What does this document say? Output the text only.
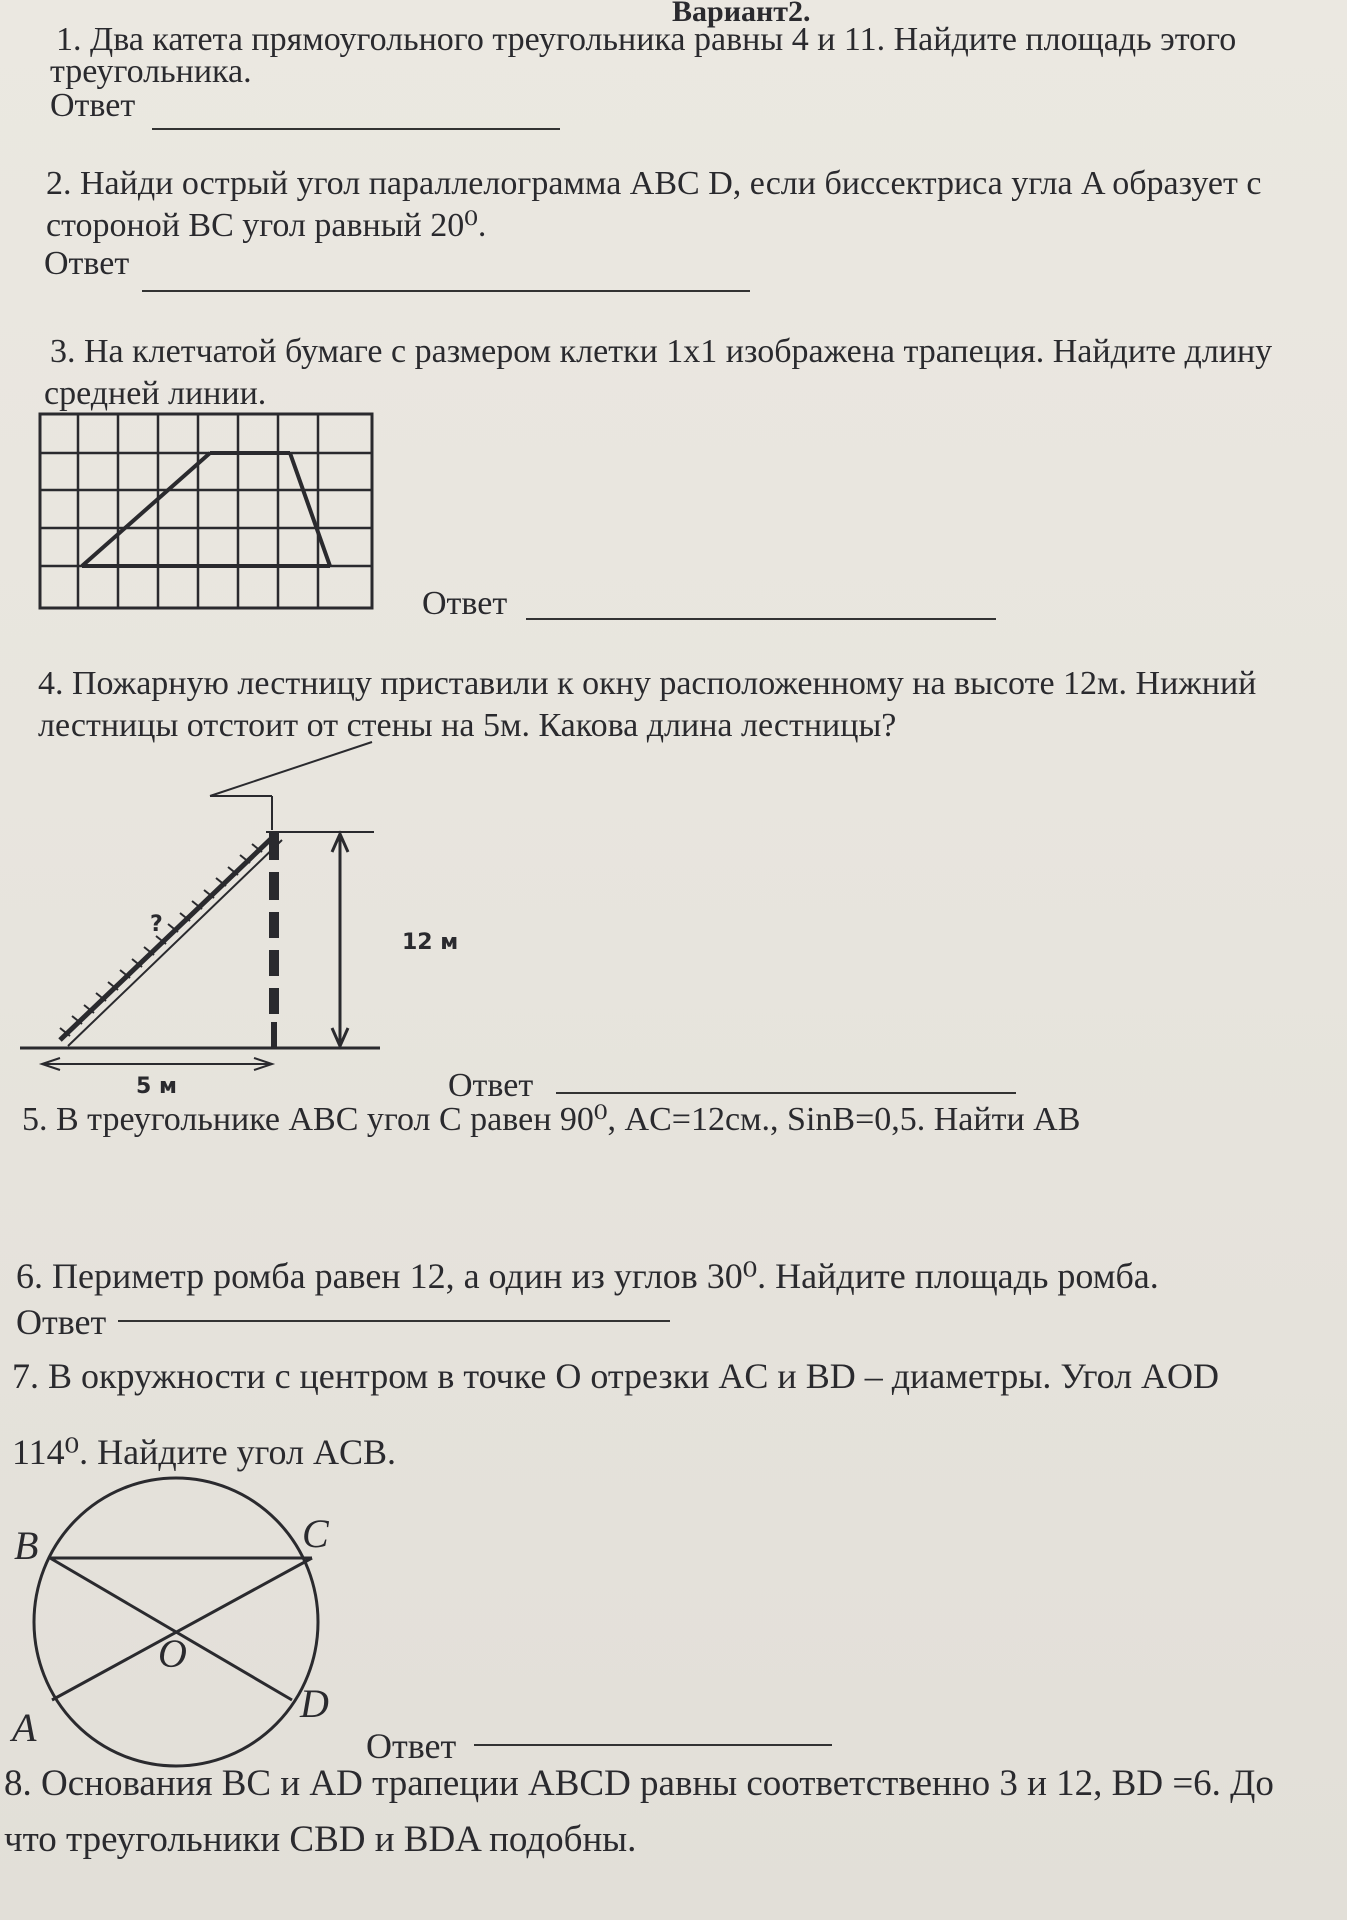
Вариант2.
1. Два катета прямоугольного треугольника равны 4 и 11. Найдите площадь этого
треугольника.
Ответ
2. Найди острый угол параллелограмма ABC D, если биссектриса угла A образует с
стороной BC угол равный 20⁰.
Ответ
3. На клетчатой бумаге с размером клетки 1x1 изображена трапеция. Найдите длину
средней линии.
Ответ
4. Пожарную лестницу приставили к окну расположенному на высоте 12м. Нижний
лестницы отстоит от стены на 5м. Какова длина лестницы?
?
12 м
5 м	Ответ
5. В треугольнике ABC угол C равен 90⁰, AC=12см., SinB=0,5. Найти AB
6. Периметр ромба равен 12, а один из углов 30⁰. Найдите площадь ромба.
Ответ
7. В окружности с центром в точке O отрезки AC и BD – диаметры. Угол AOD
114⁰. Найдите угол ACB.
B	C
O
A
D
Ответ
8. Основания BC и AD трапеции ABCD равны соответственно 3 и 12, BD =6. До
что треугольники CBD и BDA подобны.
